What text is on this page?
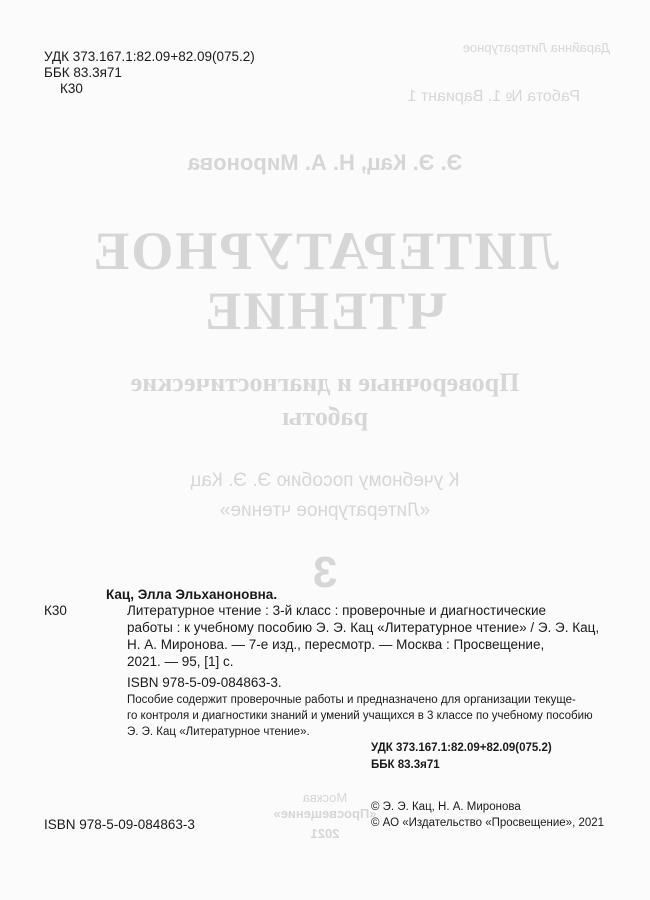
Дарайнна Литературное
Работа № 1. Вариант 1
Э. Э. Кац, Н. А. Миронова
ЛИТЕРАТУРНОЕ
ЧТЕНИЕ
Проверочные и диагностические
работы
К учебному пособию Э. Э. Кац
«Литературное чтение»
3
Москва
«Просвещение»
2021
УДК 373.167.1:82.09+82.09(075.2)
ББК 83.3я71
К30
Кац, Элла Эльханоновна.
К30	Литературное чтение : 3-й класс : проверочные и диагностические
работы : к учебному пособию Э. Э. Кац «Литературное чтение» / Э. Э. Кац,
Н. А. Миронова. — 7-е изд., пересмотр. — Москва : Просвещение,
2021. — 95, [1] с.
ISBN 978-5-09-084863-3.
Пособие содержит проверочные работы и предназначено для организации текуще-
го контроля и диагностики знаний и умений учащихся в 3 классе по учебному пособию
Э. Э. Кац «Литературное чтение».
УДК 373.167.1:82.09+82.09(075.2)
ББК 83.3я71
ISBN 978-5-09-084863-3
© Э. Э. Кац, Н. А. Миронова
© АО «Издательство «Просвещение», 2021
